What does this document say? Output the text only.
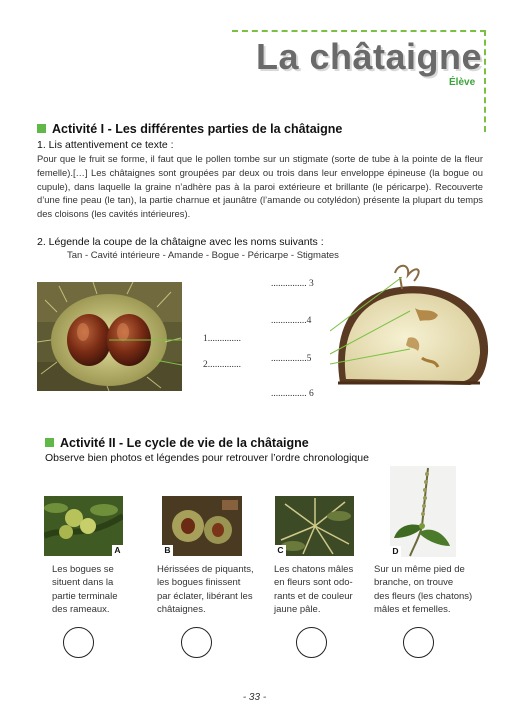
La châtaigne
Élève
Activité I - Les différentes parties de la châtaigne
1. Lis attentivement ce texte :
Pour que le fruit se forme, il faut que le pollen tombe sur un stigmate (sorte de tube à la pointe de la fleur femelle).[…] Les châtaignes sont groupées par deux ou trois dans leur enveloppe épineuse (la bogue ou cupule), dans laquelle la graine n’adhère pas à la paroi extérieure et brillante (le péricarpe). Recouverte d’une fine peau (le tan), la partie charnue et jaunâtre (l’amande ou cotylédon) présente la plupart du temps des cloisons (les cavités intérieures).
2. Légende la coupe de la châtaigne avec les noms suivants :
Tan - Cavité intérieure - Amande - Bogue - Péricarpe - Stigmates
1..............
2..............
............... 3
...............4
...............5
............... 6
Activité II - Le cycle de vie de la châtaigne
Observe bien photos et légendes pour retrouver l’ordre chronologique
A
Les bogues se
situent dans la
partie terminale
des rameaux.
B
Hérissées de piquants,
les bogues finissent
par éclater, libérant les
châtaignes.
C
Les chatons mâles
en fleurs sont odo-
rants et de couleur
jaune pâle.
D
Sur un même pied de
branche, on trouve
des fleurs (les chatons)
mâles et femelles.
- 33 -
